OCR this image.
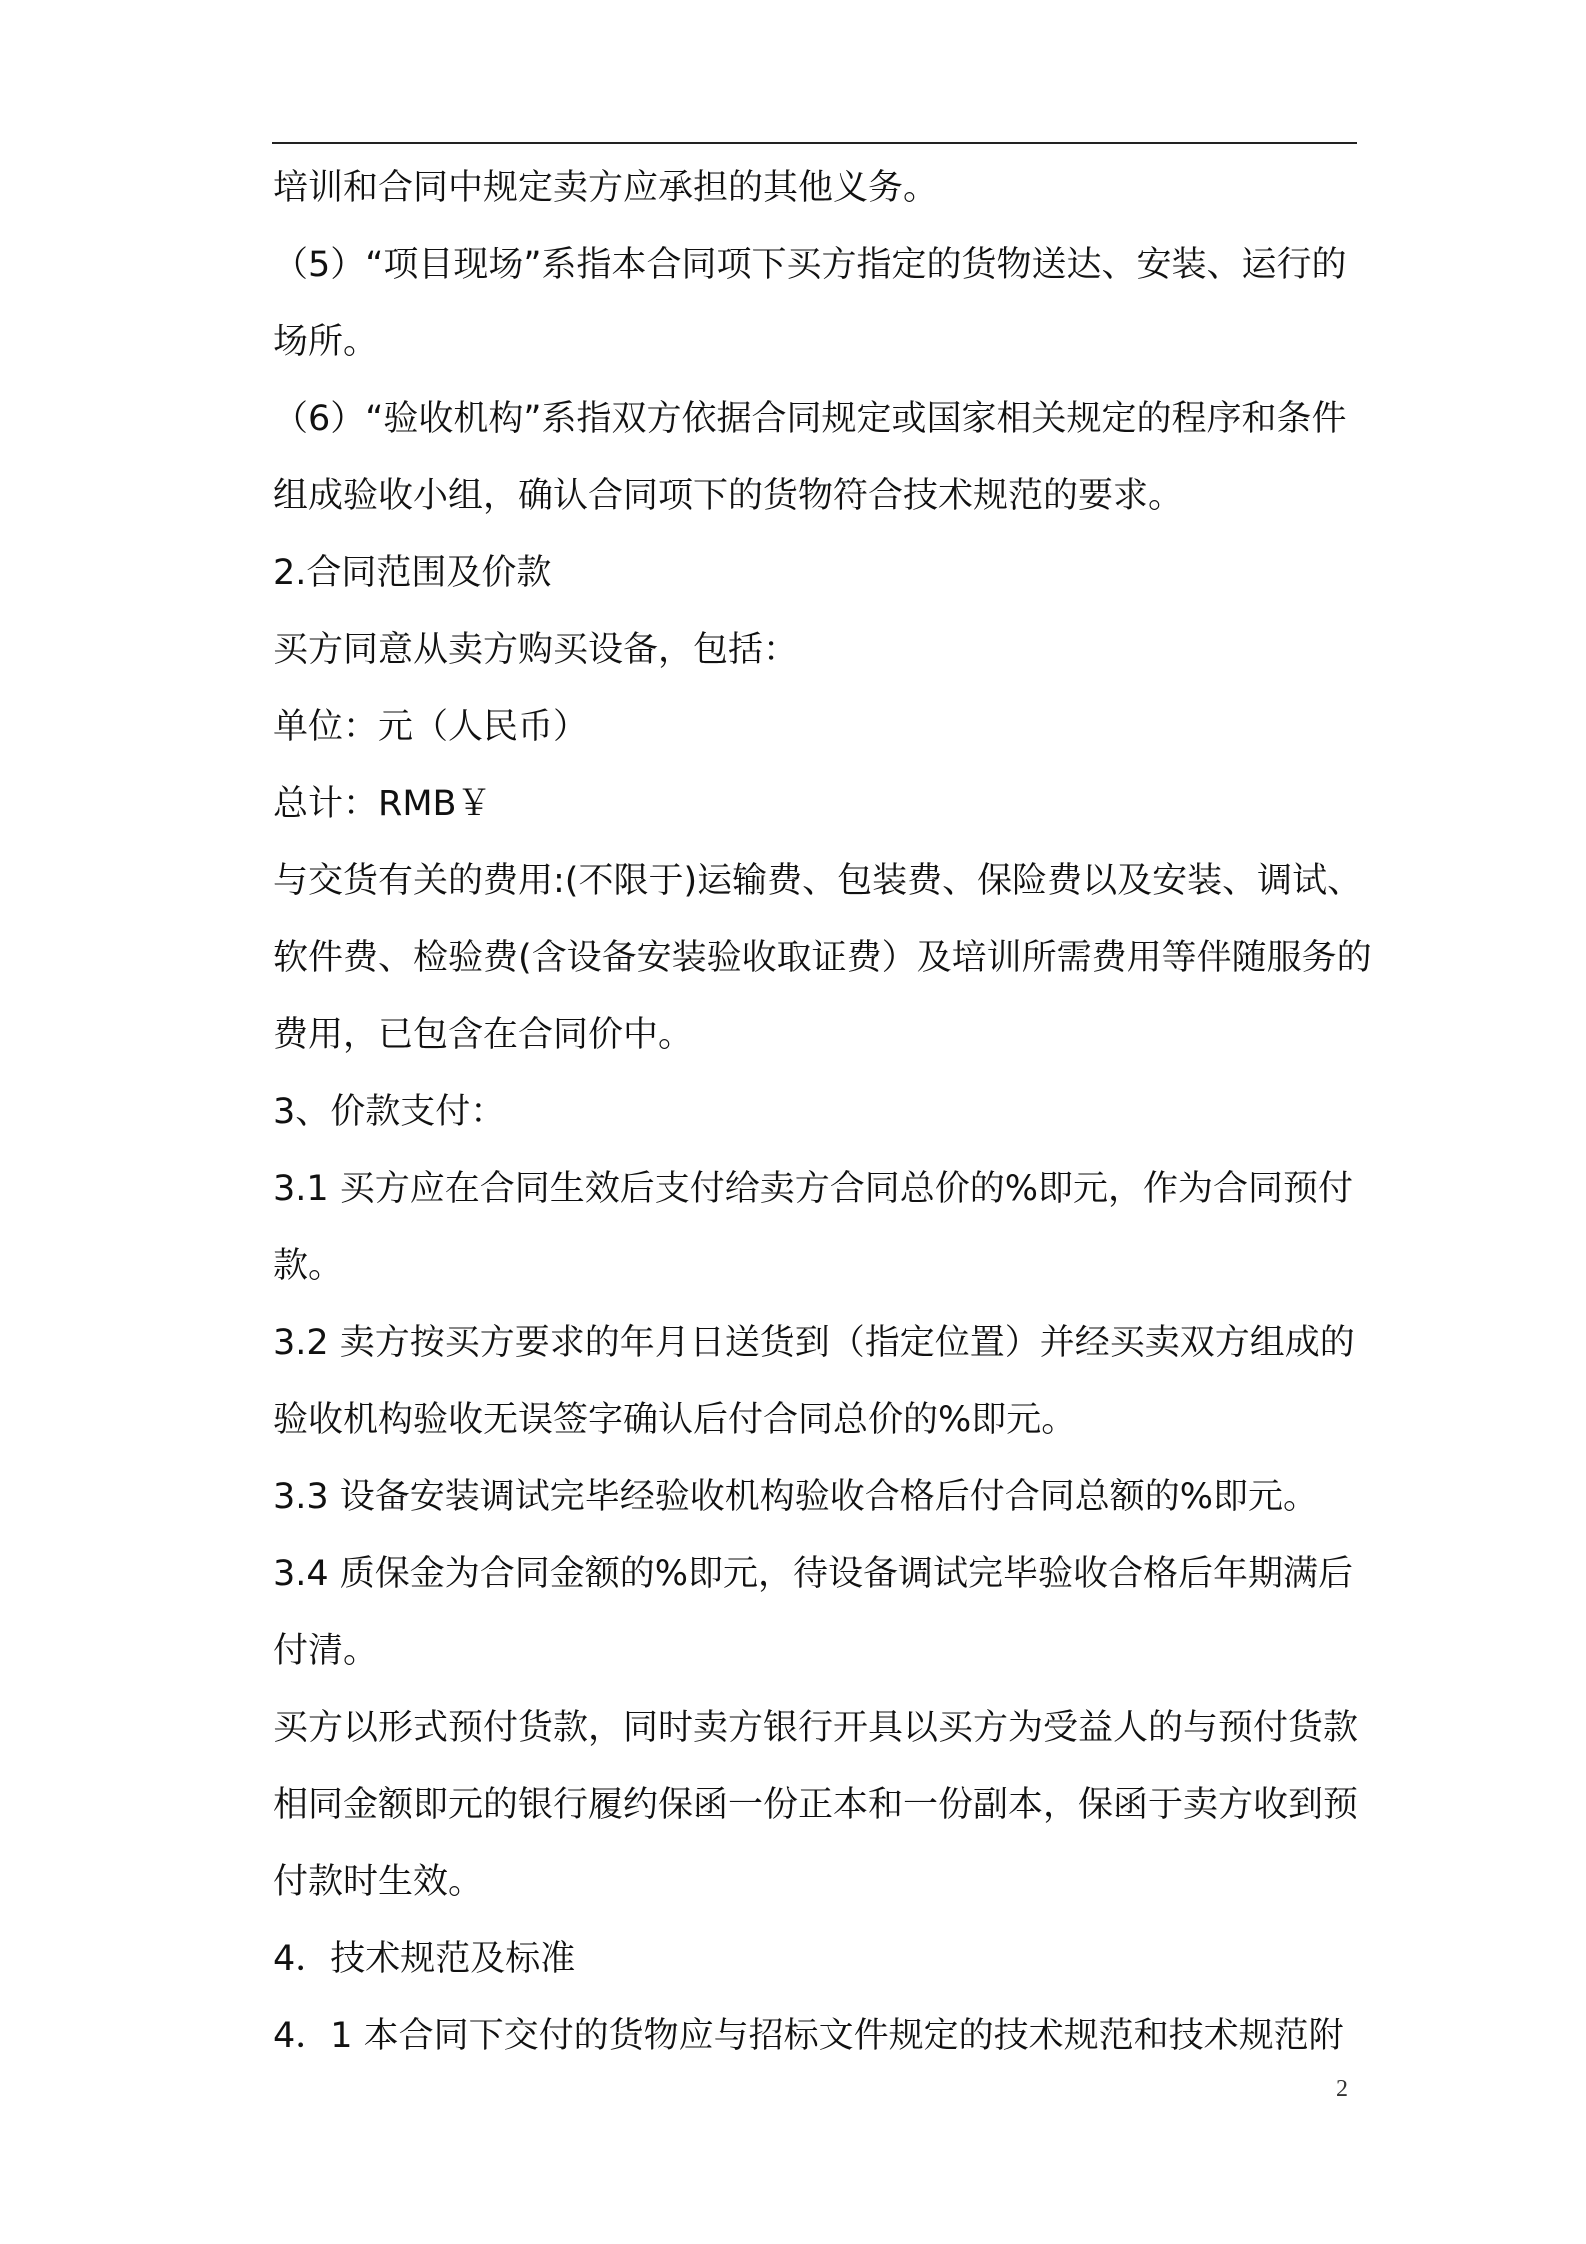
培训和合同中规定卖方应承担的其他义务。
（5）“项目现场”系指本合同项下买方指定的货物送达、安装、运行的
场所。
（6）“验收机构”系指双方依据合同规定或国家相关规定的程序和条件
组成验收小组，确认合同项下的货物符合技术规范的要求。
2.合同范围及价款
买方同意从卖方购买设备，包括：
单位：元（人民币）
总计：RMB￥
与交货有关的费用:(不限于)运输费、包装费、保险费以及安装、调试、
软件费、检验费(含设备安装验收取证费）及培训所需费用等伴随服务的
费用，已包含在合同价中。
3、价款支付：
3.1 买方应在合同生效后支付给卖方合同总价的%即元，作为合同预付
款。
3.2 卖方按买方要求的年月日送货到（指定位置）并经买卖双方组成的
验收机构验收无误签字确认后付合同总价的%即元。
3.3 设备安装调试完毕经验收机构验收合格后付合同总额的%即元。
3.4 质保金为合同金额的%即元，待设备调试完毕验收合格后年期满后
付清。
买方以形式预付货款，同时卖方银行开具以买方为受益人的与预付货款
相同金额即元的银行履约保函一份正本和一份副本，保函于卖方收到预
付款时生效。
4．技术规范及标准
4．1 本合同下交付的货物应与招标文件规定的技术规范和技术规范附
2
